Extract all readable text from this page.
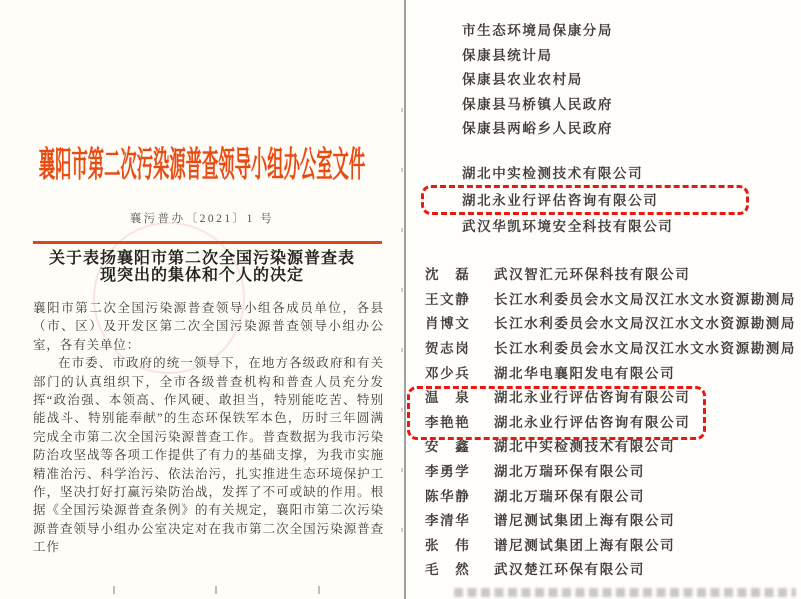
襄阳市第二次污染源普查领导小组办公室文件
襄污普办〔2021〕1 号
关于表扬襄阳市第二次全国污染源普查表
现突出的集体和个人的决定

襄阳市第二次全国污染源普查领导小组各成员单位，各县（市、区）及开发区第二次全国污染源普查领导小组办公室，各有关单位：

在市委、市政府的统一领导下，在地方各级政府和有关部门的认真组织下，全市各级普查机构和普查人员充分发挥“政治强、本领高、作风硬、敢担当，特别能吃苦、特别能战斗、特别能奉献”的生态环保铁军本色，历时三年圆满完成全市第二次全国污染源普查工作。普查数据为我市污染防治攻坚战等各项工作提供了有力的基础支撑，为我市实施精准治污、科学治污、依法治污，扎实推进生态环境保护工作，坚决打好打赢污染防治战，发挥了不可或缺的作用。根据《全国污染源普查条例》的有关规定，襄阳市第二次污染源普查领导小组办公室决定对在我市第二次全国污染源普查工作

市生态环境局保康分局
保康县统计局
保康县农业农村局
保康县马桥镇人民政府
保康县两峪乡人民政府
湖北中实检测技术有限公司
湖北永业行评估咨询有限公司
武汉华凯环境安全科技有限公司
沈　磊	武汉智汇元环保科技有限公司
王文静	长江水利委员会水文局汉江水文水资源勘测局
肖博文	长江水利委员会水文局汉江水文水资源勘测局
贺志岗	长江水利委员会水文局汉江水文水资源勘测局
邓少兵	湖北华电襄阳发电有限公司
温　泉	湖北永业行评估咨询有限公司
李艳艳	湖北永业行评估咨询有限公司
安　鑫	湖北中实检测技术有限公司
李勇学	湖北万瑞环保有限公司
陈华静	湖北万瑞环保有限公司
李清华	谱尼测试集团上海有限公司
张　伟	谱尼测试集团上海有限公司
毛　然	武汉楚江环保有限公司
